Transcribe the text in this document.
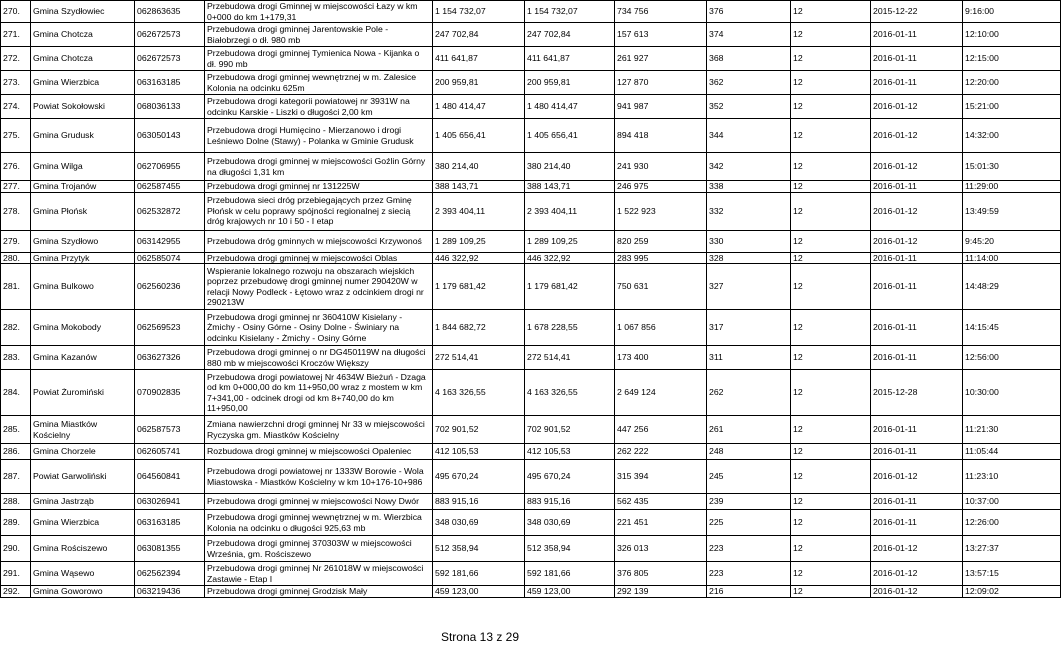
270.	Gmina Szydłowiec	062863635	Przebudowa drogi Gminnej w miejscowości Łazy w km 0+000 do km 1+179,31	1 154 732,07	1 154 732,07	734 756	376	12	2015-12-22	9:16:00
271.	Gmina Chotcza	062672573	Przebudowa drogi gminnej Jarentowskie Pole - Białobrzegi o dł. 980 mb	247 702,84	247 702,84	157 613	374	12	2016-01-11	12:10:00
272.	Gmina Chotcza	062672573	Przebudowa drogi gminnej Tymienica Nowa - Kijanka o dł. 990 mb	411 641,87	411 641,87	261 927	368	12	2016-01-11	12:15:00
273.	Gmina Wierzbica	063163185	Przebudowa drogi gminnej wewnętrznej w m. Zalesice Kolonia na odcinku 625m	200 959,81	200 959,81	127 870	362	12	2016-01-11	12:20:00
274.	Powiat Sokołowski	068036133	Przebudowa drogi kategorii powiatowej nr 3931W na odcinku Karskie - Liszki o długości 2,00 km	1 480 414,47	1 480 414,47	941 987	352	12	2016-01-12	15:21:00
275.	Gmina Grudusk	063050143	Przebudowa drogi Humięcino - Mierzanowo i drogi Leśniewo Dolne (Stawy) - Polanka w Gminie Grudusk	1 405 656,41	1 405 656,41	894 418	344	12	2016-01-12	14:32:00
276.	Gmina Wilga	062706955	Przebudowa drogi gminnej w miejscowości Goźlin Górny na długości 1,31 km	380 214,40	380 214,40	241 930	342	12	2016-01-12	15:01:30
277.	Gmina Trojanów	062587455	Przebudowa drogi gminnej nr 131225W	388 143,71	388 143,71	246 975	338	12	2016-01-11	11:29:00
278.	Gmina Płońsk	062532872	Przebudowa sieci dróg przebiegających przez Gminę Płońsk w celu poprawy spójności regionalnej z siecią dróg krajowych nr 10 i 50 - I etap	2 393 404,11	2 393 404,11	1 522 923	332	12	2016-01-12	13:49:59
279.	Gmina Szydłowo	063142955	Przebudowa dróg gminnych w miejscowości Krzywonoś	1 289 109,25	1 289 109,25	820 259	330	12	2016-01-12	9:45:20
280.	Gmina Przytyk	062585074	Przebudowa drogi gminnej w miejscowości Oblas	446 322,92	446 322,92	283 995	328	12	2016-01-11	11:14:00
281.	Gmina Bulkowo	062560236	Wspieranie lokalnego rozwoju na obszarach wiejskich poprzez przebudowę drogi gminnej numer 290420W w relacji Nowy Podleck - Łętowo wraz z odcinkiem drogi nr 290213W	1 179 681,42	1 179 681,42	750 631	327	12	2016-01-11	14:48:29
282.	Gmina Mokobody	062569523	Przebudowa drogi gminnej nr 360410W Kisielany - Żmichy - Osiny Górne - Osiny Dolne - Świniary na odcinku Kisielany - Żmichy - Osiny Górne	1 844 682,72	1 678 228,55	1 067 856	317	12	2016-01-11	14:15:45
283.	Gmina Kazanów	063627326	Przebudowa drogi gminnej o nr DG450119W na długości 880 mb w miejscowości Kroczów Większy	272 514,41	272 514,41	173 400	311	12	2016-01-11	12:56:00
284.	Powiat Żuromiński	070902835	Przebudowa drogi powiatowej Nr 4634W Bieżuń - Dzaga od km 0+000,00 do km 11+950,00 wraz z mostem w km 7+341,00 - odcinek drogi od km 8+740,00 do km 11+950,00	4 163 326,55	4 163 326,55	2 649 124	262	12	2015-12-28	10:30:00
285.	Gmina Miastków Kościelny	062587573	Zmiana nawierzchni drogi gminnej Nr 33 w miejscowości Ryczyska gm. Miastków Kościelny	702 901,52	702 901,52	447 256	261	12	2016-01-11	11:21:30
286.	Gmina Chorzele	062605741	Rozbudowa drogi gminnej w miejscowości Opaleniec	412 105,53	412 105,53	262 222	248	12	2016-01-11	11:05:44
287.	Powiat Garwoliński	064560841	Przebudowa drogi powiatowej nr 1333W Borowie - Wola Miastowska - Miastków Kościelny w km 10+176-10+986	495 670,24	495 670,24	315 394	245	12	2016-01-12	11:23:10
288.	Gmina Jastrząb	063026941	Przebudowa drogi gminnej w miejscowości Nowy Dwór	883 915,16	883 915,16	562 435	239	12	2016-01-11	10:37:00
289.	Gmina Wierzbica	063163185	Przebudowa drogi gminnej wewnętrznej w m. Wierzbica Kolonia na odcinku o długości 925,63 mb	348 030,69	348 030,69	221 451	225	12	2016-01-11	12:26:00
290.	Gmina Rościszewo	063081355	Przebudowa drogi gminnej 370303W w miejscowości Września, gm. Rościszewo	512 358,94	512 358,94	326 013	223	12	2016-01-12	13:27:37
291.	Gmina Wąsewo	062562394	Przebudowa drogi gminnej Nr 261018W w miejscowości Zastawie - Etap I	592 181,66	592 181,66	376 805	223	12	2016-01-12	13:57:15
292.	Gmina Goworowo	063219436	Przebudowa drogi gminnej Grodzisk Mały	459 123,00	459 123,00	292 139	216	12	2016-01-12	12:09:02
Strona 13 z 29
